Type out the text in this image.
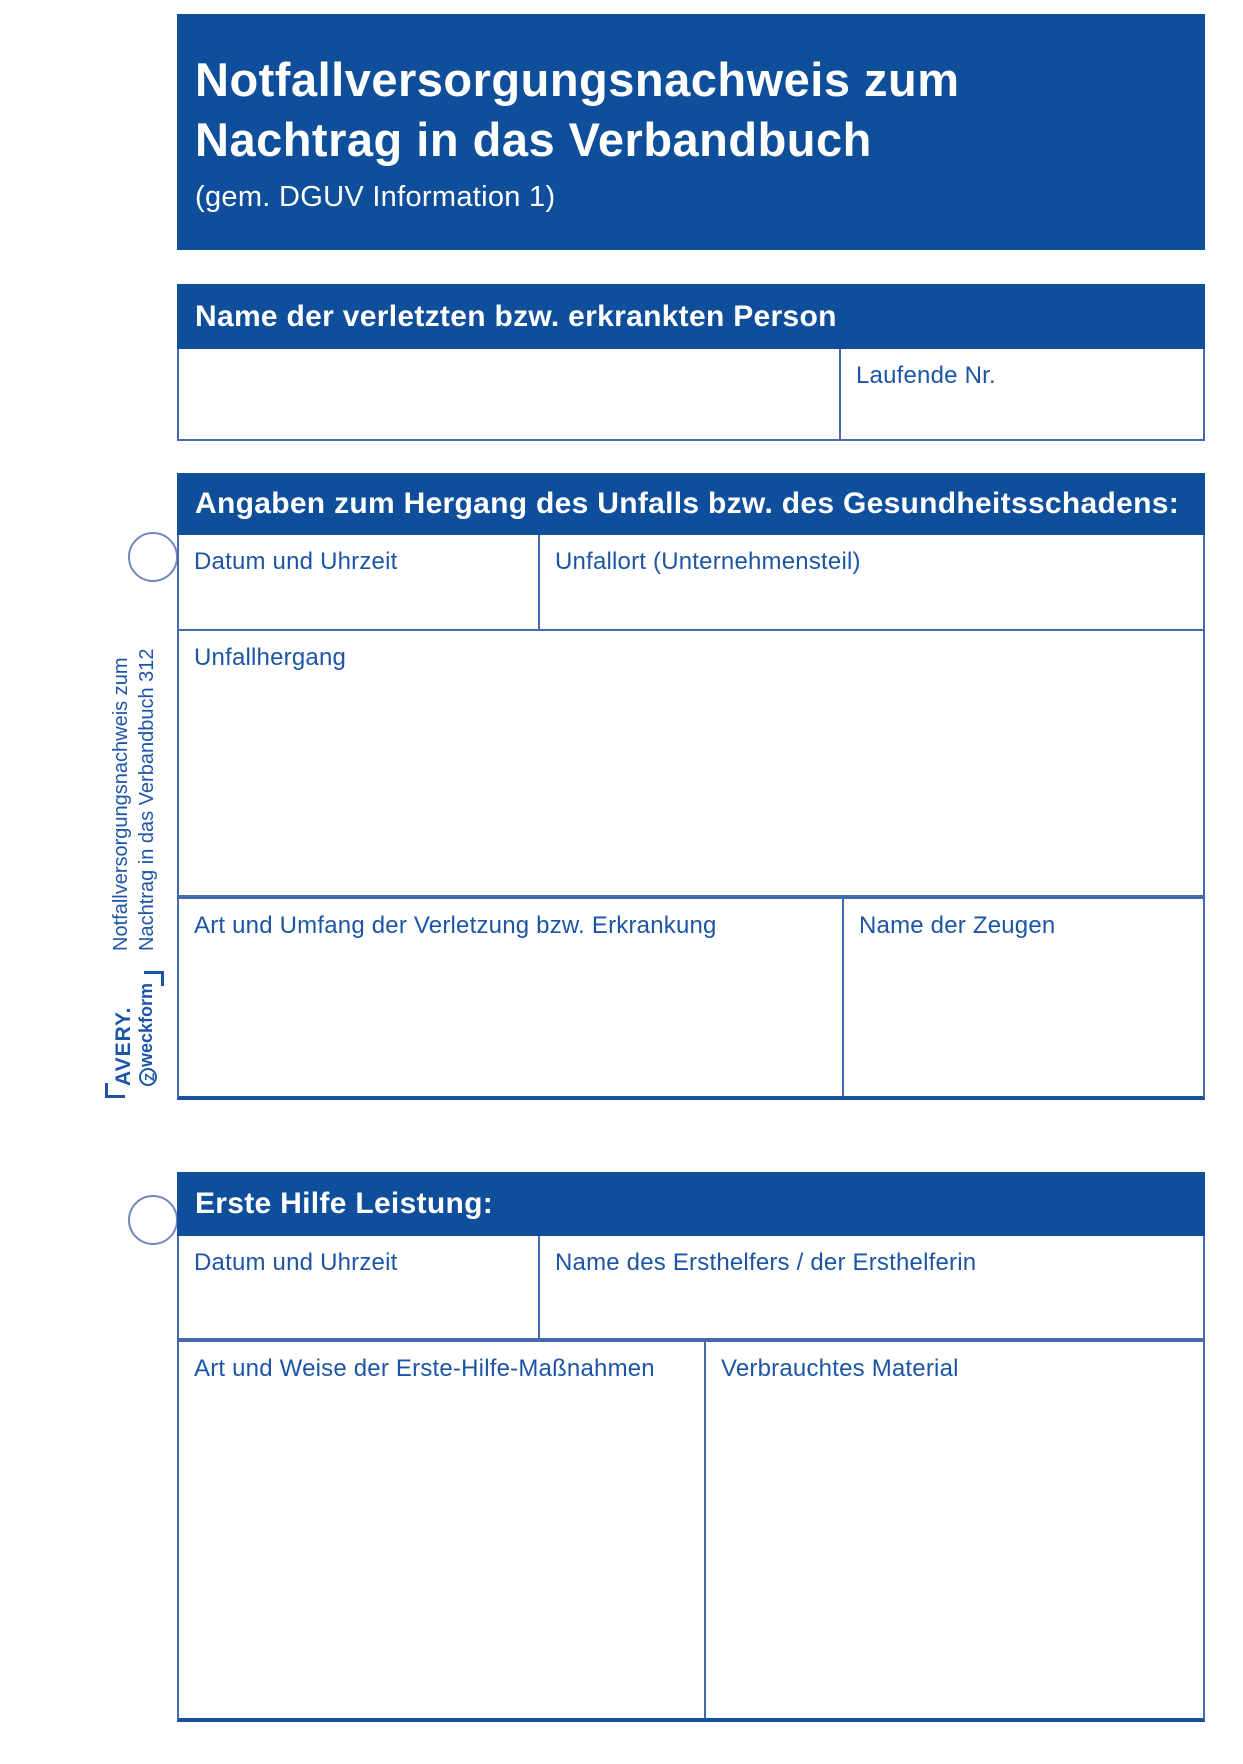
AVERY. Zweckform
Notfallversorgungsnachweis zum Nachtrag in das Verbandbuch 312
Notfallversorgungsnachweis zum
Nachtrag in das Verbandbuch
(gem. DGUV Information 1)
Name der verletzten bzw. erkrankten Person
Laufende Nr.
Angaben zum Hergang des Unfalls bzw. des Gesundheitsschadens:
Datum und Uhrzeit	Unfallort (Unternehmensteil)
Unfallhergang
Art und Umfang der Verletzung bzw. Erkrankung	Name der Zeugen
Erste Hilfe Leistung:
Datum und Uhrzeit	Name des Ersthelfers / der Ersthelferin
Art und Weise der Erste-Hilfe-Maßnahmen	Verbrauchtes Material
